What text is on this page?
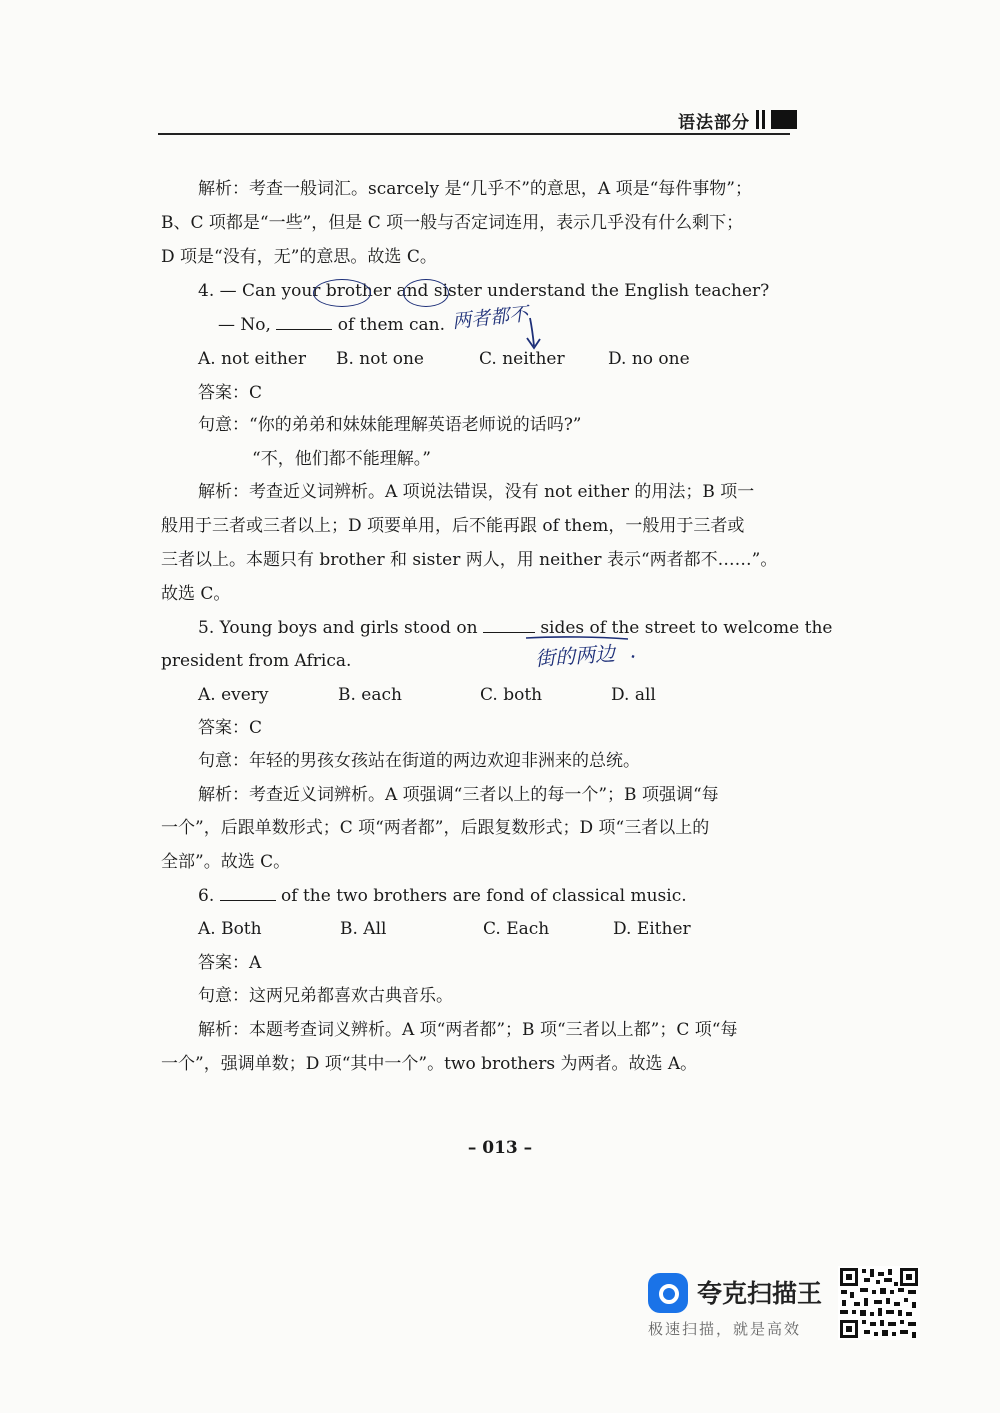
语法部分
解析：考查一般词汇。scarcely 是“几乎不”的意思，A 项是“每件事物”；
B、C 项都是“一些”，但是 C 项一般与否定词连用，表示几乎没有什么剩下；
D 项是“没有，无”的意思。故选 C。
4. — Can your brother and sister understand the English teacher?
— No,	of them can. 两者都不
A. not either B. not one	C. neither	D. no one
答案：C
句意：“你的弟弟和妹妹能理解英语老师说的话吗?”
“不，他们都不能理解。”
解析：考查近义词辨析。A 项说法错误，没有 not either 的用法；B 项一
般用于三者或三者以上；D 项要单用，后不能再跟 of them，一般用于三者或
三者以上。本题只有 brother 和 sister 两人，用 neither 表示“两者都不……”。
故选 C。
5. Young boys and girls stood on	sides of the street to welcome the
president from Africa.	街的两边
A. every	B. each	C. both	D. all
答案：C
句意：年轻的男孩女孩站在街道的两边欢迎非洲来的总统。
解析：考查近义词辨析。A 项强调“三者以上的每一个”；B 项强调“每
一个”，后跟单数形式；C 项“两者都”，后跟复数形式；D 项“三者以上的
全部”。故选 C。
6.	of the two brothers are fond of classical music.
A. Both	B. All	C. Each	D. Either
答案：A
句意：这两兄弟都喜欢古典音乐。
解析：本题考查词义辨析。A 项“两者都”；B 项“三者以上都”；C 项“每
一个”，强调单数；D 项“其中一个”。two brothers 为两者。故选 A。
– 013 –
夸克扫描王
极速扫描，就是高效
